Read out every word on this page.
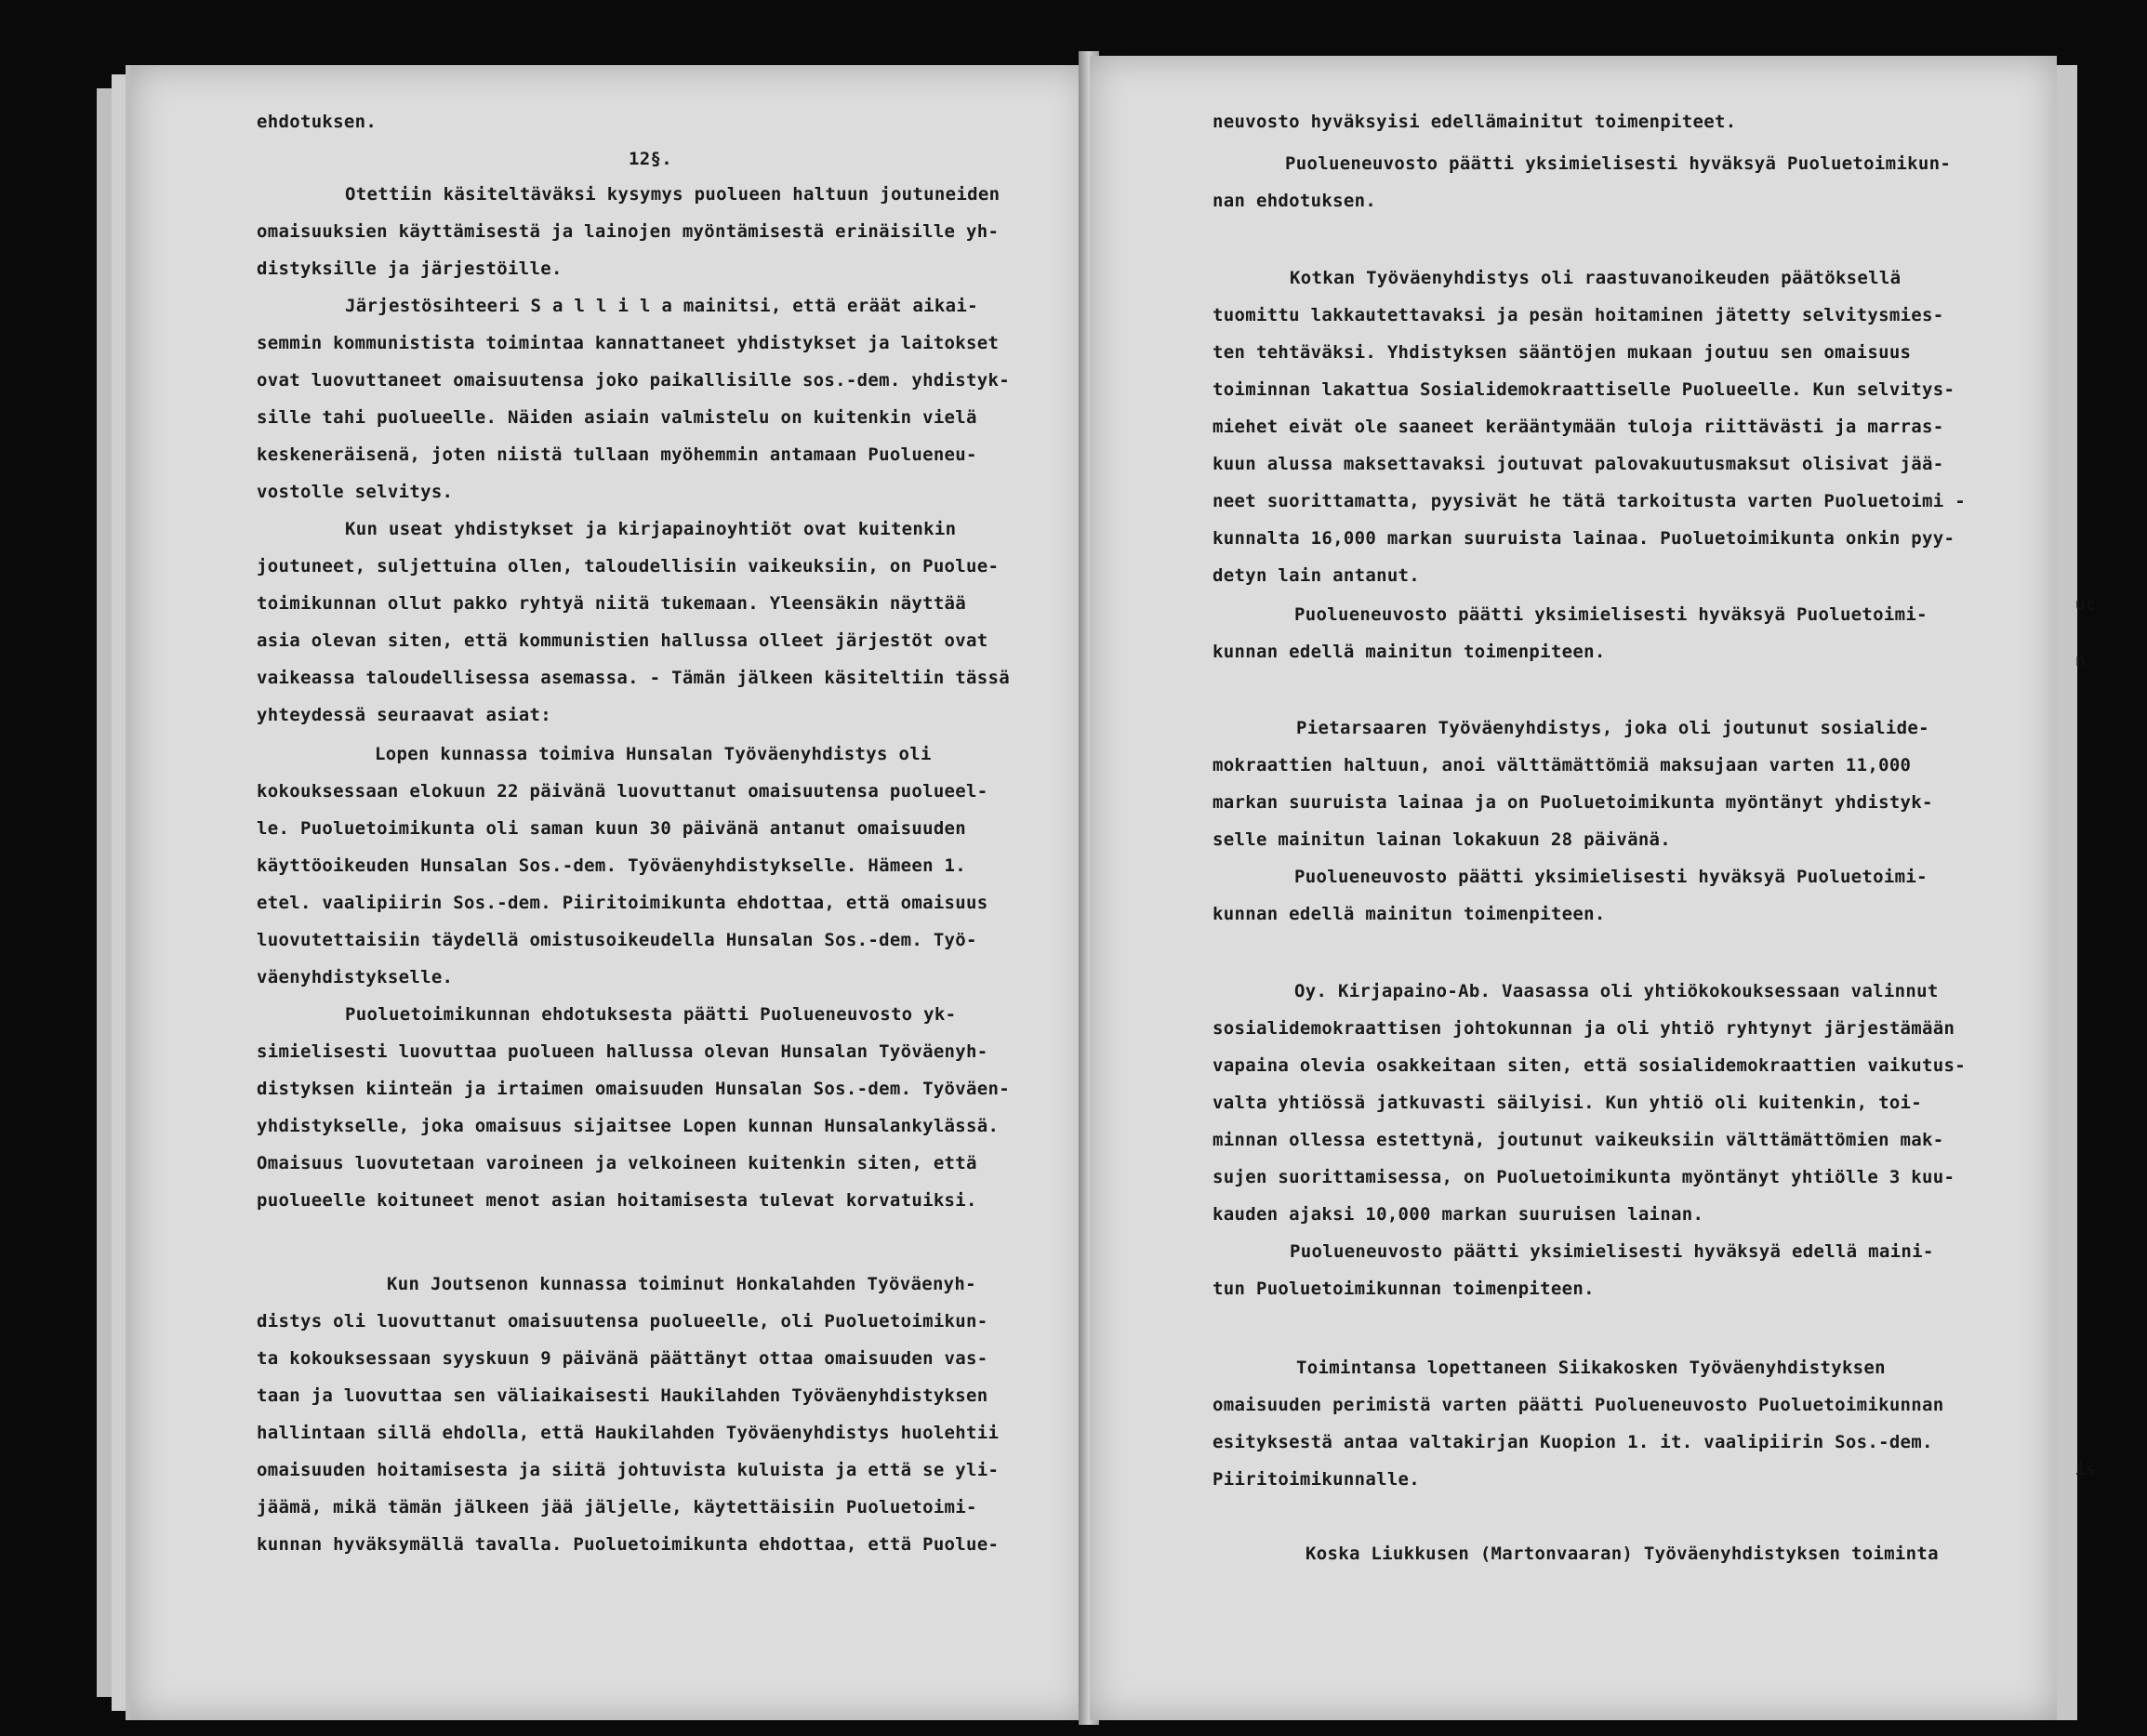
ehdotuksen.
12§.
Otettiin käsiteltäväksi kysymys puolueen haltuun joutuneiden
omaisuuksien käyttämisestä ja lainojen myöntämisestä erinäisille yh-
distyksille ja järjestöille.
Järjestösihteeri S a l l i l a mainitsi, että eräät aikai-
semmin kommunistista toimintaa kannattaneet yhdistykset ja laitokset
ovat luovuttaneet omaisuutensa joko paikallisille sos.-dem. yhdistyk-
sille tahi puolueelle. Näiden asiain valmistelu on kuitenkin vielä
keskeneräisenä, joten niistä tullaan myöhemmin antamaan Puolueneu-
vostolle selvitys.
Kun useat yhdistykset ja kirjapainoyhtiöt ovat kuitenkin
joutuneet, suljettuina ollen, taloudellisiin vaikeuksiin, on Puolue-
toimikunnan ollut pakko ryhtyä niitä tukemaan. Yleensäkin näyttää
asia olevan siten, että kommunistien hallussa olleet järjestöt ovat
vaikeassa taloudellisessa asemassa. - Tämän jälkeen käsiteltiin tässä
yhteydessä seuraavat asiat:
Lopen kunnassa toimiva Hunsalan Työväenyhdistys oli
kokouksessaan elokuun 22 päivänä luovuttanut omaisuutensa puolueel-
le. Puoluetoimikunta oli saman kuun 30 päivänä antanut omaisuuden
käyttöoikeuden Hunsalan Sos.-dem. Työväenyhdistykselle. Hämeen 1.
etel. vaalipiirin Sos.-dem. Piiritoimikunta ehdottaa, että omaisuus
luovutettaisiin täydellä omistusoikeudella Hunsalan Sos.-dem. Työ-
väenyhdistykselle.
Puoluetoimikunnan ehdotuksesta päätti Puolueneuvosto yk-
simielisesti luovuttaa puolueen hallussa olevan Hunsalan Työväenyh-
distyksen kiinteän ja irtaimen omaisuuden Hunsalan Sos.-dem. Työväen-
yhdistykselle, joka omaisuus sijaitsee Lopen kunnan Hunsalankylässä.
Omaisuus luovutetaan varoineen ja velkoineen kuitenkin siten, että
puolueelle koituneet menot asian hoitamisesta tulevat korvatuiksi.
Kun Joutsenon kunnassa toiminut Honkalahden Työväenyh-
distys oli luovuttanut omaisuutensa puolueelle, oli Puoluetoimikun-
ta kokouksessaan syyskuun 9 päivänä päättänyt ottaa omaisuuden vas-
taan ja luovuttaa sen väliaikaisesti Haukilahden Työväenyhdistyksen
hallintaan sillä ehdolla, että Haukilahden Työväenyhdistys huolehtii
omaisuuden hoitamisesta ja siitä johtuvista kuluista ja että se yli-
jäämä, mikä tämän jälkeen jää jäljelle, käytettäisiin Puoluetoimi-
kunnan hyväksymällä tavalla. Puoluetoimikunta ehdottaa, että Puolue-
neuvosto hyväksyisi edellämainitut toimenpiteet.
Puolueneuvosto päätti yksimielisesti hyväksyä Puoluetoimikun-
nan ehdotuksen.
Kotkan Työväenyhdistys oli raastuvanoikeuden päätöksellä
tuomittu lakkautettavaksi ja pesän hoitaminen jätetty selvitysmies-
ten tehtäväksi. Yhdistyksen sääntöjen mukaan joutuu sen omaisuus
toiminnan lakattua Sosialidemokraattiselle Puolueelle. Kun selvitys-
miehet eivät ole saaneet kerääntymään tuloja riittävästi ja marras-
kuun alussa maksettavaksi joutuvat palovakuutusmaksut olisivat jää-
neet suorittamatta, pyysivät he tätä tarkoitusta varten Puoluetoimi -
kunnalta 16,000 markan suuruista lainaa. Puoluetoimikunta onkin pyy-
detyn lain antanut.
Puolueneuvosto päätti yksimielisesti hyväksyä Puoluetoimi-
kunnan edellä mainitun toimenpiteen.
Pietarsaaren Työväenyhdistys, joka oli joutunut sosialide-
mokraattien haltuun, anoi välttämättömiä maksujaan varten 11,000
markan suuruista lainaa ja on Puoluetoimikunta myöntänyt yhdistyk-
selle mainitun lainan lokakuun 28 päivänä.
Puolueneuvosto päätti yksimielisesti hyväksyä Puoluetoimi-
kunnan edellä mainitun toimenpiteen.
Oy. Kirjapaino-Ab. Vaasassa oli yhtiökokouksessaan valinnut
sosialidemokraattisen johtokunnan ja oli yhtiö ryhtynyt järjestämään
vapaina olevia osakkeitaan siten, että sosialidemokraattien vaikutus-
valta yhtiössä jatkuvasti säilyisi. Kun yhtiö oli kuitenkin, toi-
minnan ollessa estettynä, joutunut vaikeuksiin välttämättömien mak-
sujen suorittamisessa, on Puoluetoimikunta myöntänyt yhtiölle 3 kuu-
kauden ajaksi 10,000 markan suuruisen lainan.
Puolueneuvosto päätti yksimielisesti hyväksyä edellä maini-
tun Puoluetoimikunnan toimenpiteen.
Toimintansa lopettaneen Siikakosken Työväenyhdistyksen
omaisuuden perimistä varten päätti Puolueneuvosto Puoluetoimikunnan
esityksestä antaa valtakirjan Kuopion 1. it. vaalipiirin Sos.-dem.
Piiritoimikunnalle.
Koska Liukkusen (Martonvaaran) Työväenyhdistyksen toiminta
uc
n
is
